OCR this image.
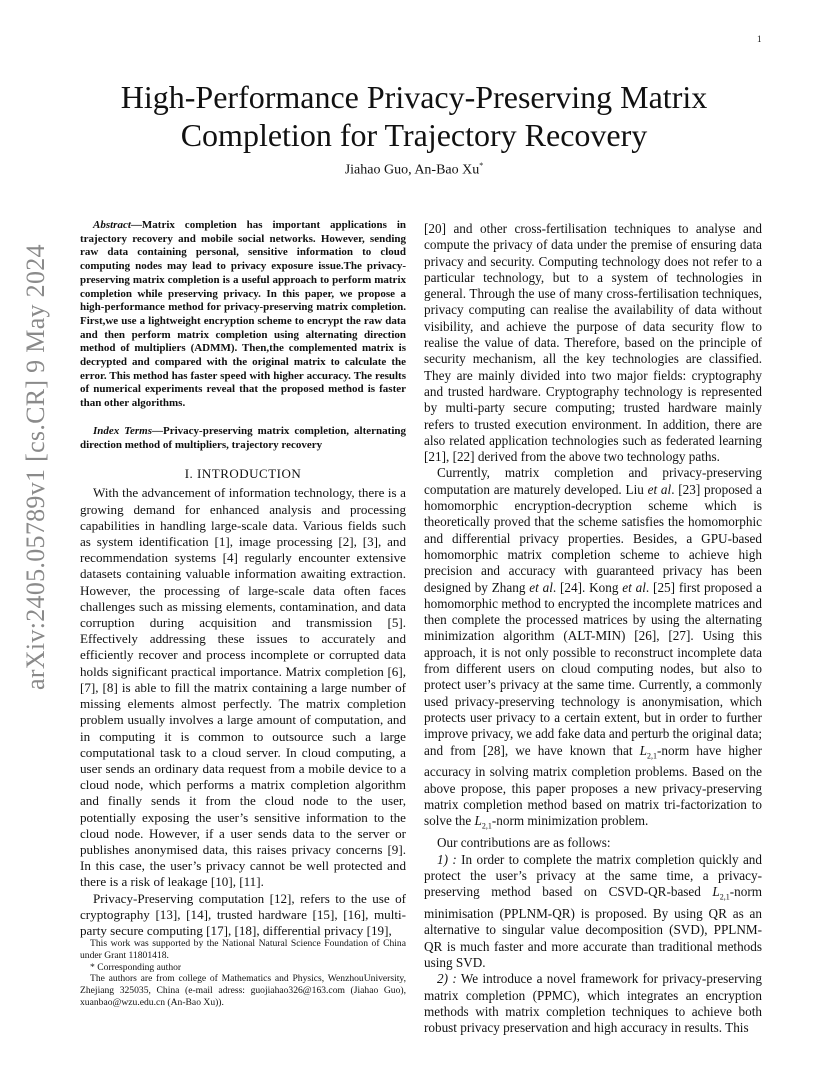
1
arXiv:2405.05789v1 [cs.CR] 9 May 2024
High-Performance Privacy-Preserving Matrix Completion for Trajectory Recovery
Jiahao Guo, An-Bao Xu*

Abstract—Matrix completion has important applications in trajectory recovery and mobile social networks. However, sending raw data containing personal, sensitive information to cloud computing nodes may lead to privacy exposure issue.The privacy-preserving matrix completion is a useful approach to perform matrix completion while preserving privacy. In this paper, we propose a high-performance method for privacy-preserving matrix completion. First,we use a lightweight encryption scheme to encrypt the raw data and then perform matrix completion using alternating direction method of multipliers (ADMM). Then,the complemented matrix is decrypted and compared with the original matrix to calculate the error. This method has faster speed with higher accuracy. The results of numerical experiments reveal that the proposed method is faster than other algorithms.

Index Terms—Privacy-preserving matrix completion, alternating direction method of multipliers, trajectory recovery

I. INTRODUCTION

With the advancement of information technology, there is a growing demand for enhanced analysis and processing capabilities in handling large-scale data. Various fields such as system identification [1], image processing [2], [3], and recommendation systems [4] regularly encounter extensive datasets containing valuable information awaiting extraction. However, the processing of large-scale data often faces challenges such as missing elements, contamination, and data corruption during acquisition and transmission [5]. Effectively addressing these issues to accurately and efficiently recover and process incomplete or corrupted data holds significant practical importance. Matrix completion [6], [7], [8] is able to fill the matrix containing a large number of missing elements almost perfectly. The matrix completion problem usually involves a large amount of computation, and in computing it is common to outsource such a large computational task to a cloud server. In cloud computing, a user sends an ordinary data request from a mobile device to a cloud node, which performs a matrix completion algorithm and finally sends it from the cloud node to the user, potentially exposing the user’s sensitive information to the cloud node. However, if a user sends data to the server or publishes anonymised data, this raises privacy concerns [9]. In this case, the user’s privacy cannot be well protected and there is a risk of leakage [10], [11].

Privacy-Preserving computation [12], refers to the use of cryptography [13], [14], trusted hardware [15], [16], multi-party secure computing [17], [18], differential privacy [19],

This work was supported by the National Natural Science Foundation of China under Grant 11801418.

* Corresponding author

The authors are from college of Mathematics and Physics, WenzhouUniversity, Zhejiang 325035, China (e-mail adress: guojiahao326@163.com (Jiahao Guo), xuanbao@wzu.edu.cn (An-Bao Xu)).

[20] and other cross-fertilisation techniques to analyse and compute the privacy of data under the premise of ensuring data privacy and security. Computing technology does not refer to a particular technology, but to a system of technologies in general. Through the use of many cross-fertilisation techniques, privacy computing can realise the availability of data without visibility, and achieve the purpose of data security flow to realise the value of data. Therefore, based on the principle of security mechanism, all the key technologies are classified. They are mainly divided into two major fields: cryptography and trusted hardware. Cryptography technology is represented by multi-party secure computing; trusted hardware mainly refers to trusted execution environment. In addition, there are also related application technologies such as federated learning [21], [22] derived from the above two technology paths.

Currently, matrix completion and privacy-preserving computation are maturely developed. Liu et al. [23] proposed a homomorphic encryption-decryption scheme which is theoretically proved that the scheme satisfies the homomorphic and differential privacy properties. Besides, a GPU-based homomorphic matrix completion scheme to achieve high precision and accuracy with guaranteed privacy has been designed by Zhang et al. [24]. Kong et al. [25] first proposed a homomorphic method to encrypted the incomplete matrices and then complete the processed matrices by using the alternating minimization algorithm (ALT-MIN) [26], [27]. Using this approach, it is not only possible to reconstruct incomplete data from different users on cloud computing nodes, but also to protect user’s privacy at the same time. Currently, a commonly used privacy-preserving technology is anonymisation, which protects user privacy to a certain extent, but in order to further improve privacy, we add fake data and perturb the original data; and from [28], we have known that $L_{2,1}$-norm have higher accuracy in solving matrix completion problems. Based on the above propose, this paper proposes a new privacy-preserving matrix completion method based on matrix tri-factorization to solve the $L_{2,1}$-norm minimization problem.

Our contributions are as follows:

1) : In order to complete the matrix completion quickly and protect the user’s privacy at the same time, a privacy-preserving method based on CSVD-QR-based $L_{2,1}$-norm minimisation (PPLNM-QR) is proposed. By using QR as an alternative to singular value decomposition (SVD), PPLNM-QR is much faster and more accurate than traditional methods using SVD.

2) : We introduce a novel framework for privacy-preserving matrix completion (PPMC), which integrates an encryption methods with matrix completion techniques to achieve both robust privacy preservation and high accuracy in results. This
